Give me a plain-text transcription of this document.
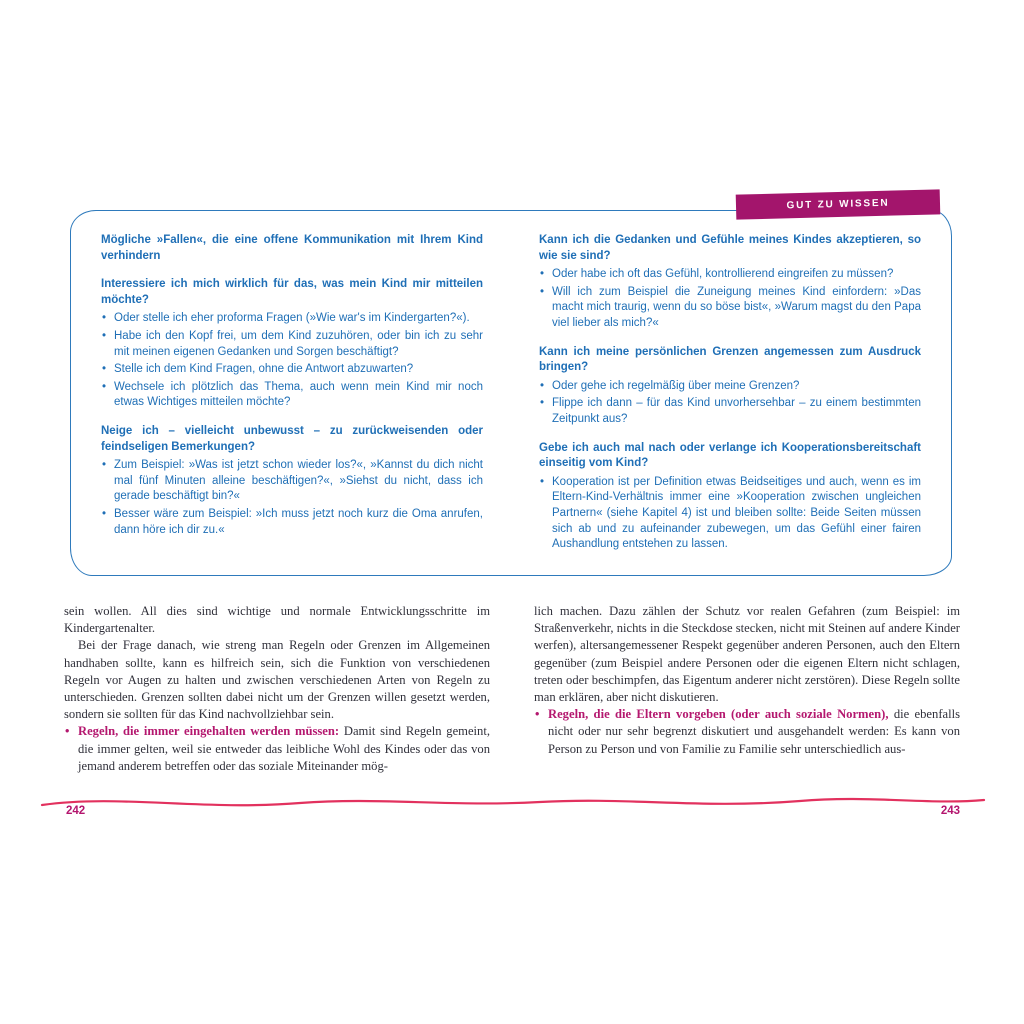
GUT ZU WISSEN

Mögliche »Fallen«, die eine offene Kommunikation mit Ihrem Kind verhindern

Interessiere ich mich wirklich für das, was mein Kind mir mitteilen möchte?

• Oder stelle ich eher proforma Fragen (»Wie war's im Kindergarten?«).
• Habe ich den Kopf frei, um dem Kind zuzuhören, oder bin ich zu sehr mit meinen eigenen Gedanken und Sorgen beschäftigt?
• Stelle ich dem Kind Fragen, ohne die Antwort abzuwarten?
• Wechsele ich plötzlich das Thema, auch wenn mein Kind mir noch etwas Wichtiges mitteilen möchte?

Neige ich – vielleicht unbewusst – zu zurückweisenden oder feindseligen Bemerkungen?

• Zum Beispiel: »Was ist jetzt schon wieder los?«, »Kannst du dich nicht mal fünf Minuten alleine beschäftigen?«, »Siehst du nicht, dass ich gerade beschäftigt bin?«
• Besser wäre zum Beispiel: »Ich muss jetzt noch kurz die Oma anrufen, dann höre ich dir zu.«

Kann ich die Gedanken und Gefühle meines Kindes akzeptieren, so wie sie sind?

• Oder habe ich oft das Gefühl, kontrollierend eingreifen zu müssen?
• Will ich zum Beispiel die Zuneigung meines Kind einfordern: »Das macht mich traurig, wenn du so böse bist«, »Warum magst du den Papa viel lieber als mich?«

Kann ich meine persönlichen Grenzen angemessen zum Ausdruck bringen?

• Oder gehe ich regelmäßig über meine Grenzen?
• Flippe ich dann – für das Kind unvorhersehbar – zu einem bestimmten Zeitpunkt aus?

Gebe ich auch mal nach oder verlange ich Kooperationsbereitschaft einseitig vom Kind?

• Kooperation ist per Definition etwas Beidseitiges und auch, wenn es im Eltern-Kind-Verhältnis immer eine »Kooperation zwischen ungleichen Partnern« (siehe Kapitel 4) ist und bleiben sollte: Beide Seiten müssen sich ab und zu aufeinander zubewegen, um das Gefühl einer fairen Aushandlung entstehen zu lassen.

sein wollen. All dies sind wichtige und normale Entwicklungsschritte im Kindergartenalter.

Bei der Frage danach, wie streng man Regeln oder Grenzen im Allgemeinen handhaben sollte, kann es hilfreich sein, sich die Funktion von verschiedenen Regeln vor Augen zu halten und zwischen verschiedenen Arten von Regeln zu unterschieden. Grenzen sollten dabei nicht um der Grenzen willen gesetzt werden, sondern sie sollten für das Kind nachvollziehbar sein.

• Regeln, die immer eingehalten werden müssen: Damit sind Regeln gemeint, die immer gelten, weil sie entweder das leibliche Wohl des Kindes oder das von jemand anderem betreffen oder das soziale Miteinander mög-

lich machen. Dazu zählen der Schutz vor realen Gefahren (zum Beispiel: im Straßenverkehr, nichts in die Steckdose stecken, nicht mit Steinen auf andere Kinder werfen), altersangemessener Respekt gegenüber anderen Personen, auch den Eltern gegenüber (zum Beispiel andere Personen oder die eigenen Eltern nicht schlagen, treten oder beschimpfen, das Eigentum anderer nicht zerstören). Diese Regeln sollte man erklären, aber nicht diskutieren.

• Regeln, die die Eltern vorgeben (oder auch soziale Normen), die ebenfalls nicht oder nur sehr begrenzt diskutiert und ausgehandelt werden: Es kann von Person zu Person und von Familie zu Familie sehr unterschiedlich aus-

242	243
